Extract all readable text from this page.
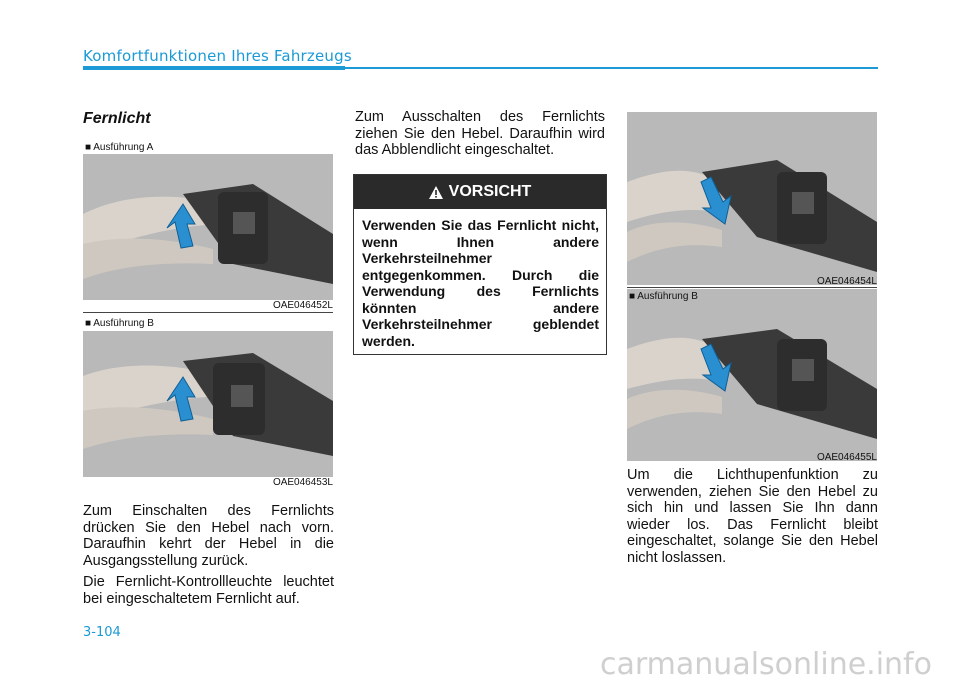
Komfortfunktionen Ihres Fahrzeugs
Fernlicht
■ Ausführung A
OAE046452L
■ Ausführung B
OAE046453L

Zum Einschalten des Fernlichts drücken Sie den Hebel nach vorn. Daraufhin kehrt der Hebel in die Ausgangsstellung zurück.

Die Fernlicht-Kontrollleuchte leuchtet bei eingeschaltetem Fernlicht auf.

Zum Ausschalten des Fernlichts ziehen Sie den Hebel. Daraufhin wird das Abblendlicht eingeschaltet.
VORSICHT
Verwenden Sie das Fernlicht nicht, wenn Ihnen andere Verkehrsteilnehmer entgegenkommen. Durch die Verwendung des Fernlichts könnten andere Verkehrsteilnehmer geblendet werden.
OAE046454L
■ Ausführung B
OAE046455L
Um die Lichthupenfunktion zu verwenden, ziehen Sie den Hebel zu sich hin und lassen Sie Ihn dann wieder los. Das Fernlicht bleibt eingeschaltet, solange Sie den Hebel nicht loslassen.
3-104
carmanualsonline.info
